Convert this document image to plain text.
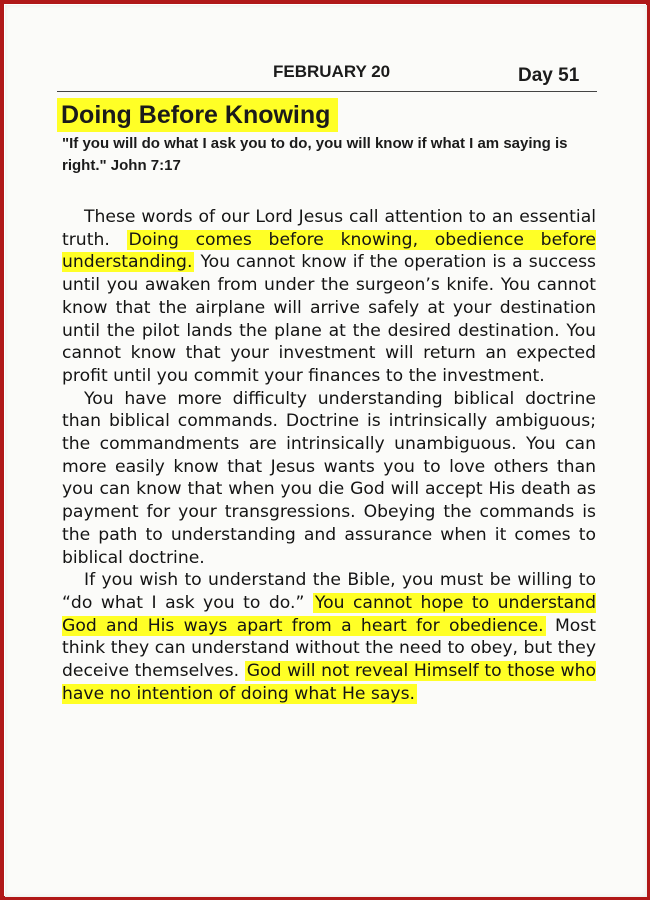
FEBRUARY 20	Day 51
Doing Before Knowing
"If you will do what I ask you to do, you will know if what I am saying is right." John 7:17

These words of our Lord Jesus call attention to an essential truth. Doing comes before knowing, obedience before understanding. You cannot know if the operation is a success until you awaken from under the surgeon’s knife. You cannot know that the airplane will arrive safely at your destination until the pilot lands the plane at the desired destination. You cannot know that your investment will return an expected profit until you commit your finances to the investment.

You have more difficulty understanding biblical doctrine than biblical commands. Doctrine is intrinsically ambiguous; the commandments are intrinsically unambiguous. You can more easily know that Jesus wants you to love others than you can know that when you die God will accept His death as payment for your transgressions. Obeying the commands is the path to understanding and assurance when it comes to biblical doctrine.

If you wish to understand the Bible, you must be willing to “do what I ask you to do.” You cannot hope to understand God and His ways apart from a heart for obedience. Most think they can understand without the need to obey, but they deceive themselves. God will not reveal Himself to those who have no intention of doing what He says.
